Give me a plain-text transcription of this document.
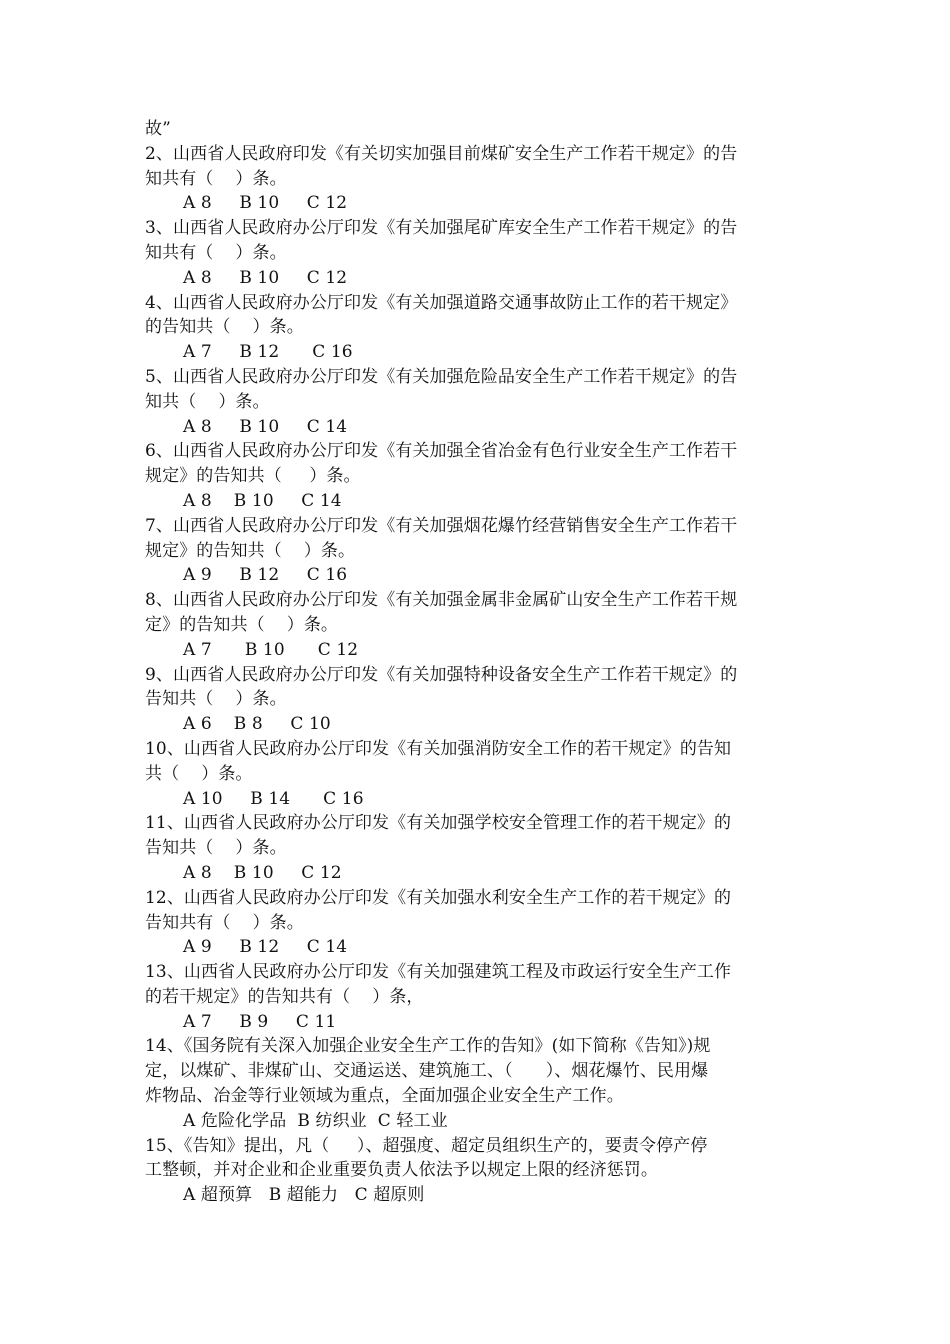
故”
2、山西省人民政府印发《有关切实加强目前煤矿安全生产工作若干规定》的告
知共有（    ）条。
A 8     B 10     C 12
3、山西省人民政府办公厅印发《有关加强尾矿库安全生产工作若干规定》的告
知共有（    ）条。
A 8     B 10     C 12
4、山西省人民政府办公厅印发《有关加强道路交通事故防止工作的若干规定》
的告知共（    ）条。
A 7     B 12      C 16
5、山西省人民政府办公厅印发《有关加强危险品安全生产工作若干规定》的告
知共（    ）条。
A 8     B 10     C 14
6、山西省人民政府办公厅印发《有关加强全省冶金有色行业安全生产工作若干
规定》的告知共（     ）条。
A 8    B 10     C 14
7、山西省人民政府办公厅印发《有关加强烟花爆竹经营销售安全生产工作若干
规定》的告知共（    ）条。
A 9     B 12     C 16
8、山西省人民政府办公厅印发《有关加强金属非金属矿山安全生产工作若干规
定》的告知共（    ）条。
A 7      B 10      C 12
9、山西省人民政府办公厅印发《有关加强特种设备安全生产工作若干规定》的
告知共（    ）条。
A 6    B 8     C 10
10、山西省人民政府办公厅印发《有关加强消防安全工作的若干规定》的告知
共（    ）条。
A 10     B 14      C 16
11、山西省人民政府办公厅印发《有关加强学校安全管理工作的若干规定》的
告知共（    ）条。
A 8    B 10     C 12
12、山西省人民政府办公厅印发《有关加强水利安全生产工作的若干规定》的
告知共有（    ）条。
A 9     B 12     C 14
13、山西省人民政府办公厅印发《有关加强建筑工程及市政运行安全生产工作
的若干规定》的告知共有（    ）条，
A 7     B 9     C 11
14、《国务院有关深入加强企业安全生产工作的告知》(如下简称《告知》)规
定，以煤矿、非煤矿山、交通运送、建筑施工、（      ）、烟花爆竹、民用爆
炸物品、冶金等行业领域为重点，全面加强企业安全生产工作。
A 危险化学品  B 纺织业  C 轻工业
15、《告知》提出，凡（     ）、超强度、超定员组织生产的，要责令停产停
工整顿，并对企业和企业重要负责人依法予以规定上限的经济惩罚。
A 超预算   B 超能力   C 超原则
